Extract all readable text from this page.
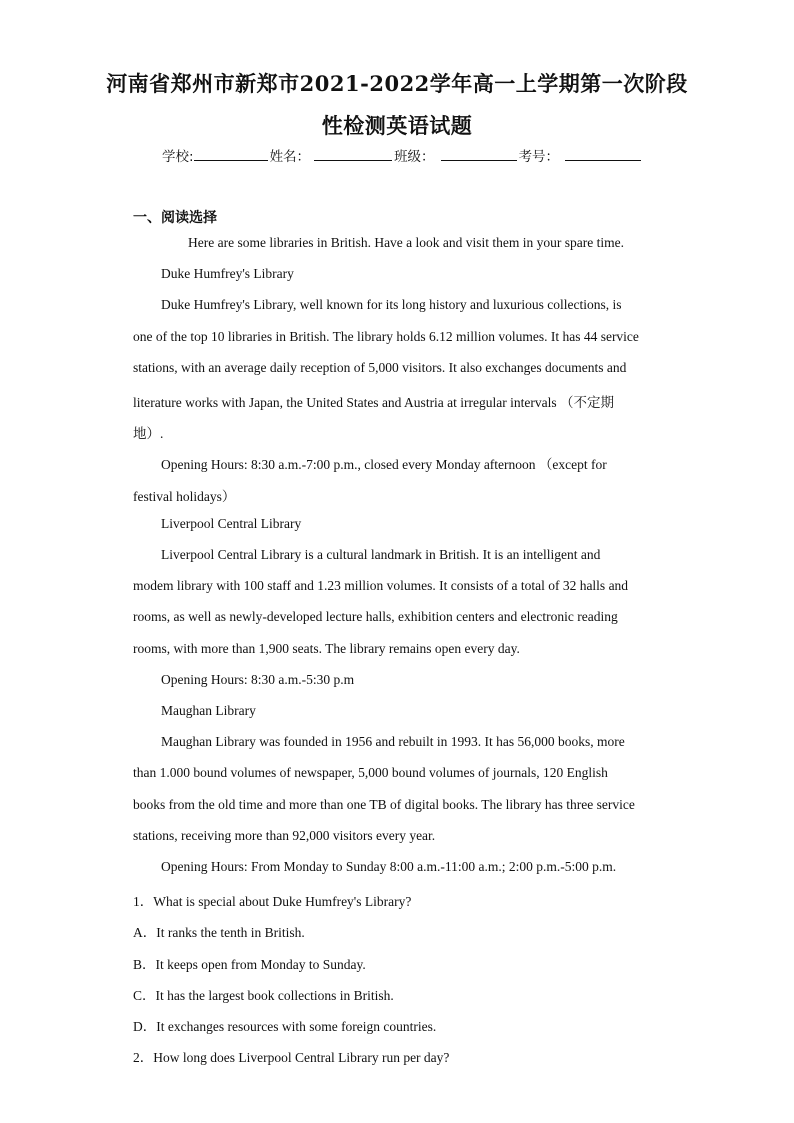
河南省郑州市新郑市2021-2022学年高一上学期第一次阶段
性检测英语试题
学校:	姓名：	班级：	考号：
一、阅读选择
Here are some libraries in British. Have a look and visit them in your spare time.
Duke Humfrey's Library
Duke Humfrey's Library, well known for its long history and luxurious collections, is
one of the top 10 libraries in British. The library holds 6.12 million volumes. It has 44 service
stations, with an average daily reception of 5,000 visitors. It also exchanges documents and
literature works with Japan, the United States and Austria at irregular intervals （不定期
地）.
Opening Hours: 8:30 a.m.-7:00 p.m., closed every Monday afternoon （except for
festival holidays）
Liverpool Central Library
Liverpool Central Library is a cultural landmark in British. It is an intelligent and
modem library with 100 staff and 1.23 million volumes. It consists of a total of 32 halls and
rooms, as well as newly-developed lecture halls, exhibition centers and electronic reading
rooms, with more than 1,900 seats. The library remains open every day.
Opening Hours: 8:30 a.m.-5:30 p.m
Maughan Library
Maughan Library was founded in 1956 and rebuilt in 1993. It has 56,000 books, more
than 1.000 bound volumes of newspaper, 5,000 bound volumes of journals, 120 English
books from the old time and more than one TB of digital books. The library has three service
stations, receiving more than 92,000 visitors every year.
Opening Hours: From Monday to Sunday 8:00 a.m.-11:00 a.m.; 2:00 p.m.-5:00 p.m.
1．What is special about Duke Humfrey's Library?
A．It ranks the tenth in British.
B．It keeps open from Monday to Sunday.
C．It has the largest book collections in British.
D．It exchanges resources with some foreign countries.
2．How long does Liverpool Central Library run per day?
